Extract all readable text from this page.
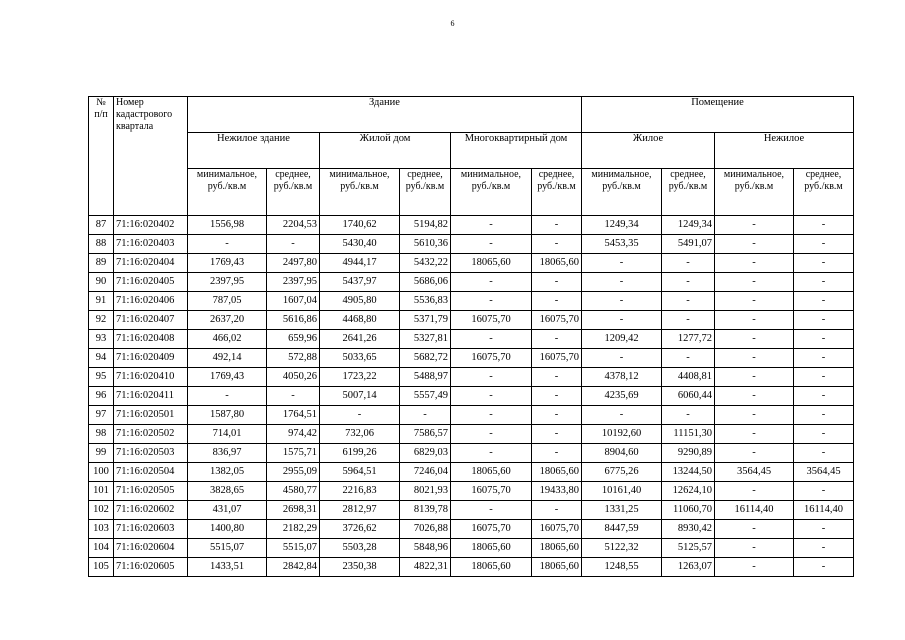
6
№ п/п	Номер кадастрового квартала	Здание						Помещение			
		Нежилое здание		Жилой дом		Многоквартирный дом		Жилое		Нежилое	
		минимальное, руб./кв.м	среднее, руб./кв.м	минимальное, руб./кв.м	среднее, руб./кв.м	минимальное, руб./кв.м	среднее, руб./кв.м	минимальное, руб./кв.м	среднее, руб./кв.м	минимальное, руб./кв.м	среднее, руб./кв.м
87	71:16:020402	1556,98	2204,53	1740,62	5194,82	-	-	1249,34	1249,34	-	-
88	71:16:020403	-	-	5430,40	5610,36	-	-	5453,35	5491,07	-	-
89	71:16:020404	1769,43	2497,80	4944,17	5432,22	18065,60	18065,60	-	-	-	-
90	71:16:020405	2397,95	2397,95	5437,97	5686,06	-	-	-	-	-	-
91	71:16:020406	787,05	1607,04	4905,80	5536,83	-	-	-	-	-	-
92	71:16:020407	2637,20	5616,86	4468,80	5371,79	16075,70	16075,70	-	-	-	-
93	71:16:020408	466,02	659,96	2641,26	5327,81	-	-	1209,42	1277,72	-	-
94	71:16:020409	492,14	572,88	5033,65	5682,72	16075,70	16075,70	-	-	-	-
95	71:16:020410	1769,43	4050,26	1723,22	5488,97	-	-	4378,12	4408,81	-	-
96	71:16:020411	-	-	5007,14	5557,49	-	-	4235,69	6060,44	-	-
97	71:16:020501	1587,80	1764,51	-	-	-	-	-	-	-	-
98	71:16:020502	714,01	974,42	732,06	7586,57	-	-	10192,60	11151,30	-	-
99	71:16:020503	836,97	1575,71	6199,26	6829,03	-	-	8904,60	9290,89	-	-
100	71:16:020504	1382,05	2955,09	5964,51	7246,04	18065,60	18065,60	6775,26	13244,50	3564,45	3564,45
101	71:16:020505	3828,65	4580,77	2216,83	8021,93	16075,70	19433,80	10161,40	12624,10	-	-
102	71:16:020602	431,07	2698,31	2812,97	8139,78	-	-	1331,25	11060,70	16114,40	16114,40
103	71:16:020603	1400,80	2182,29	3726,62	7026,88	16075,70	16075,70	8447,59	8930,42	-	-
104	71:16:020604	5515,07	5515,07	5503,28	5848,96	18065,60	18065,60	5122,32	5125,57	-	-
105	71:16:020605	1433,51	2842,84	2350,38	4822,31	18065,60	18065,60	1248,55	1263,07	-	-
